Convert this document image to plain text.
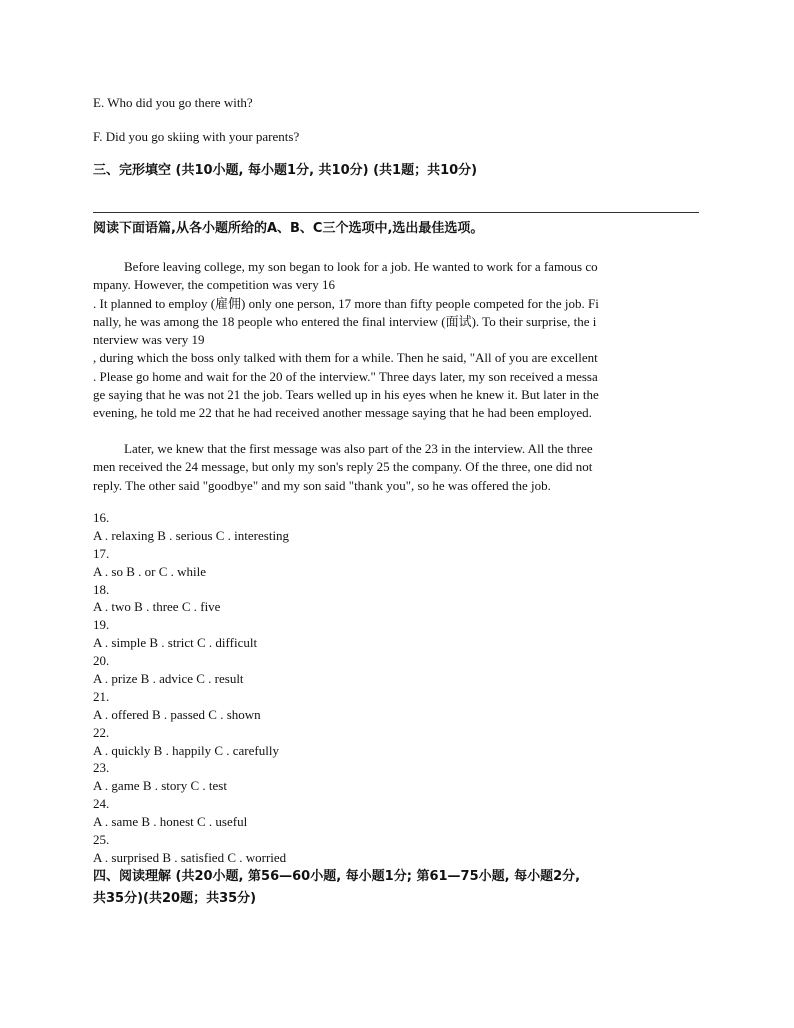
E. Who did you go there with?
F. Did you go skiing with your parents?
三、完形填空 (共10小题, 每小题1分, 共10分) (共1题；共10分)
阅读下面语篇,从各小题所给的A、B、C三个选项中,选出最佳选项。
Before leaving college, my son began to look for a job. He wanted to work for a famous co
mpany. However, the competition was very 16
. It planned to employ (雇佣) only one person, 17 more than fifty people competed for the job. Fi
nally, he was among the 18 people who entered the final interview (面试). To their surprise, the i
nterview was very 19
, during which the boss only talked with them for a while. Then he said, "All of you are excellent
. Please go home and wait for the 20 of the interview." Three days later, my son received a messa
ge saying that he was not 21 the job. Tears welled up in his eyes when he knew it. But later in the
evening, he told me 22 that he had received another message saying that he had been employed.
Later, we knew that the first message was also part of the 23 in the interview. All the three
men received the 24 message, but only my son's reply 25 the company. Of the three, one did not
reply. The other said "goodbye" and my son said "thank you", so he was offered the job.
16.
A . relaxing B . serious C . interesting
17.
A . so B . or C . while
18.
A . two B . three C . five
19.
A . simple B . strict C . difficult
20.
A . prize B . advice C . result
21.
A . offered B . passed C . shown
22.
A . quickly B . happily C . carefully
23.
A . game B . story C . test
24.
A . same B . honest C . useful
25.
A . surprised B . satisfied C . worried
四、阅读理解 (共20小题, 第56—60小题, 每小题1分; 第61—75小题, 每小题2分,
共35分)(共20题；共35分)
